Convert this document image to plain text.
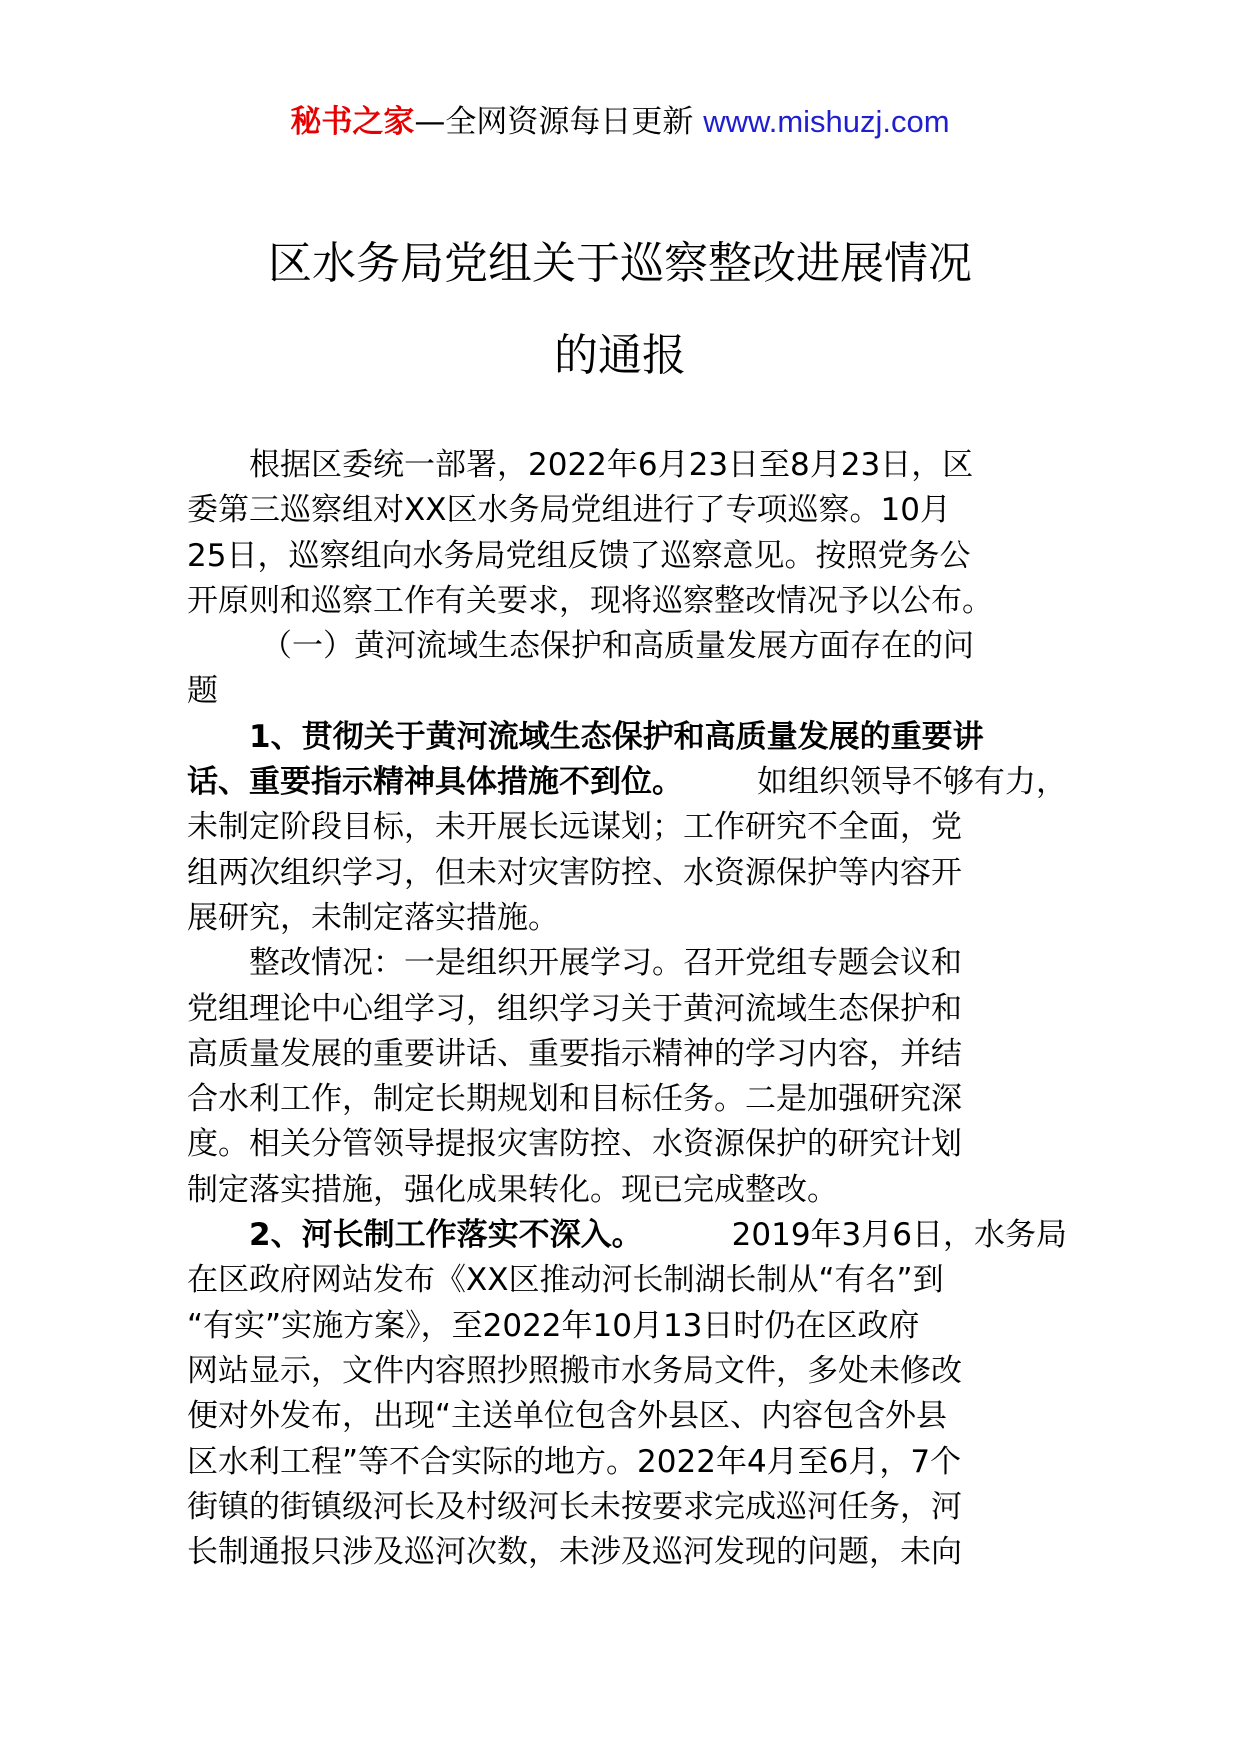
秘书之家—全网资源每日更新 www.mishuzj.com
区水务局党组关于巡察整改进展情况
的通报
根据区委统一部署，2022年6月23日至8月23日，区
委第三巡察组对XX区水务局党组进行了专项巡察。10月
25日，巡察组向水务局党组反馈了巡察意见。按照党务公
开原则和巡察工作有关要求，现将巡察整改情况予以公布。
（一）黄河流域生态保护和高质量发展方面存在的问
题
1、贯彻关于黄河流域生态保护和高质量发展的重要讲
话、重要指示精神具体措施不到位。 如组织领导不够有力，
未制定阶段目标，未开展长远谋划；工作研究不全面，党
组两次组织学习，但未对灾害防控、水资源保护等内容开
展研究，未制定落实措施。
整改情况：一是组织开展学习。召开党组专题会议和
党组理论中心组学习，组织学习关于黄河流域生态保护和
高质量发展的重要讲话、重要指示精神的学习内容，并结
合水利工作，制定长期规划和目标任务。二是加强研究深
度。相关分管领导提报灾害防控、水资源保护的研究计划
制定落实措施，强化成果转化。现已完成整改。
2、河长制工作落实不深入。	2019年3月6日，水务局
在区政府网站发布《XX区推动河长制湖长制从“有名”到
“有实”实施方案》，至2022年10月13日时仍在区政府
网站显示，文件内容照抄照搬市水务局文件，多处未修改
便对外发布，出现“主送单位包含外县区、内容包含外县
区水利工程”等不合实际的地方。2022年4月至6月，7个
街镇的街镇级河长及村级河长未按要求完成巡河任务，河
长制通报只涉及巡河次数，未涉及巡河发现的问题，未向
